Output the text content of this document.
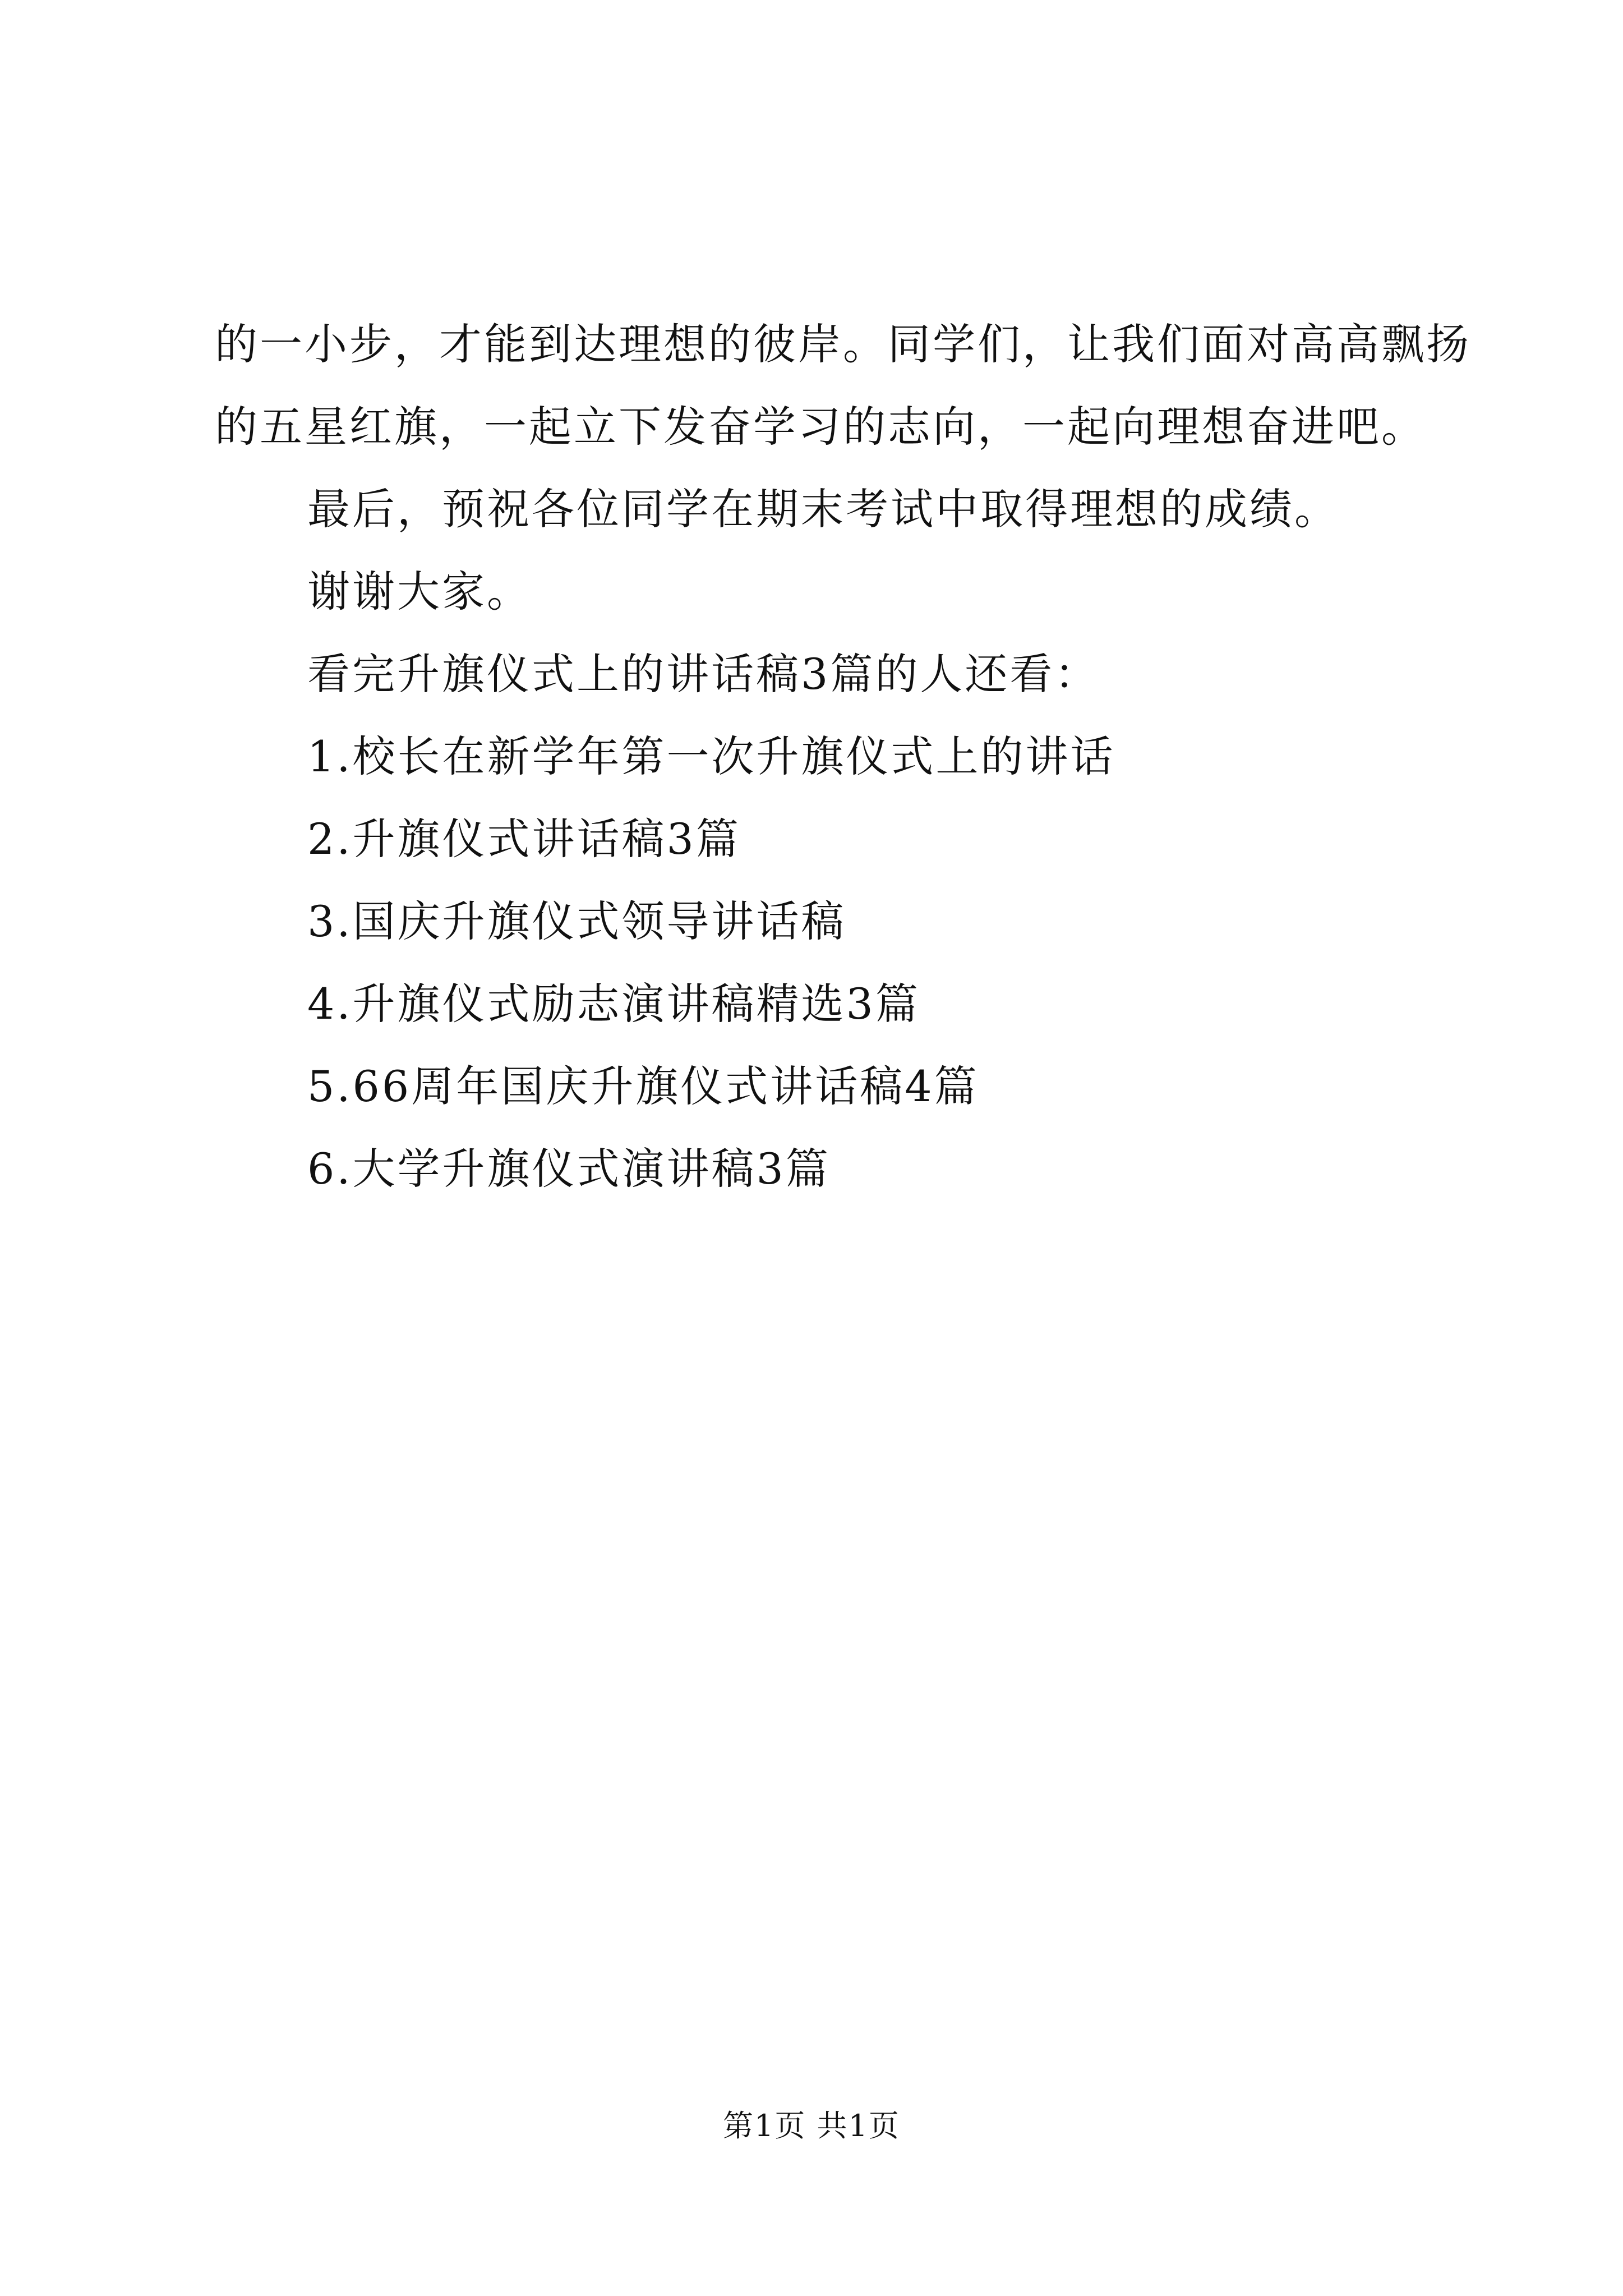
的一小步，才能到达理想的彼岸。同学们，让我们面对高高飘扬
的五星红旗，一起立下发奋学习的志向，一起向理想奋进吧。
最后，预祝各位同学在期末考试中取得理想的成绩。
谢谢大家。
看完升旗仪式上的讲话稿3篇的人还看：
1.校长在新学年第一次升旗仪式上的讲话
2.升旗仪式讲话稿3篇
3.国庆升旗仪式领导讲话稿
4.升旗仪式励志演讲稿精选3篇
5.66周年国庆升旗仪式讲话稿4篇
6.大学升旗仪式演讲稿3篇
第1页 共1页
